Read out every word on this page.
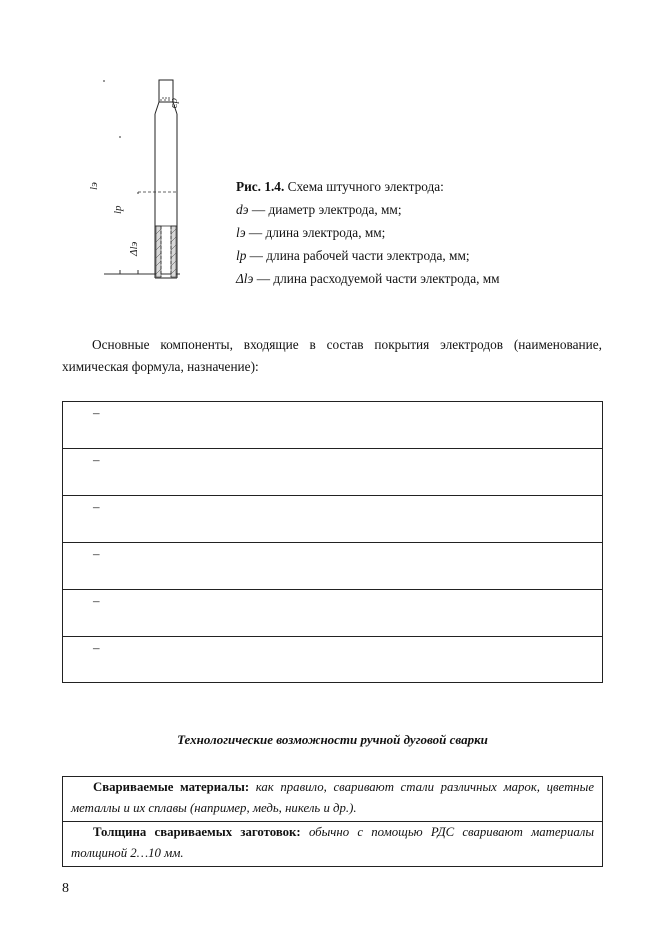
dэ
lэ
lр
Δlэ
Рис. 1.4. Схема штучного электрода:
dэ — диаметр электрода, мм;
lэ — длина электрода, мм;
lр — длина рабочей части электрода, мм;
Δlэ — длина расходуемой части электрода, мм

Основные компоненты, входящие в состав покрытия электродов (наименование, химическая формула, назначение):

–
–
–
–
–
–
Технологические возможности ручной дуговой сварки
Свариваемые материалы: как правило, сваривают стали различных марок, цветные металлы и их сплавы (например, медь, никель и др.).
Толщина свариваемых заготовок: обычно с помощью РДС сваривают материалы толщиной 2…10 мм.
8
